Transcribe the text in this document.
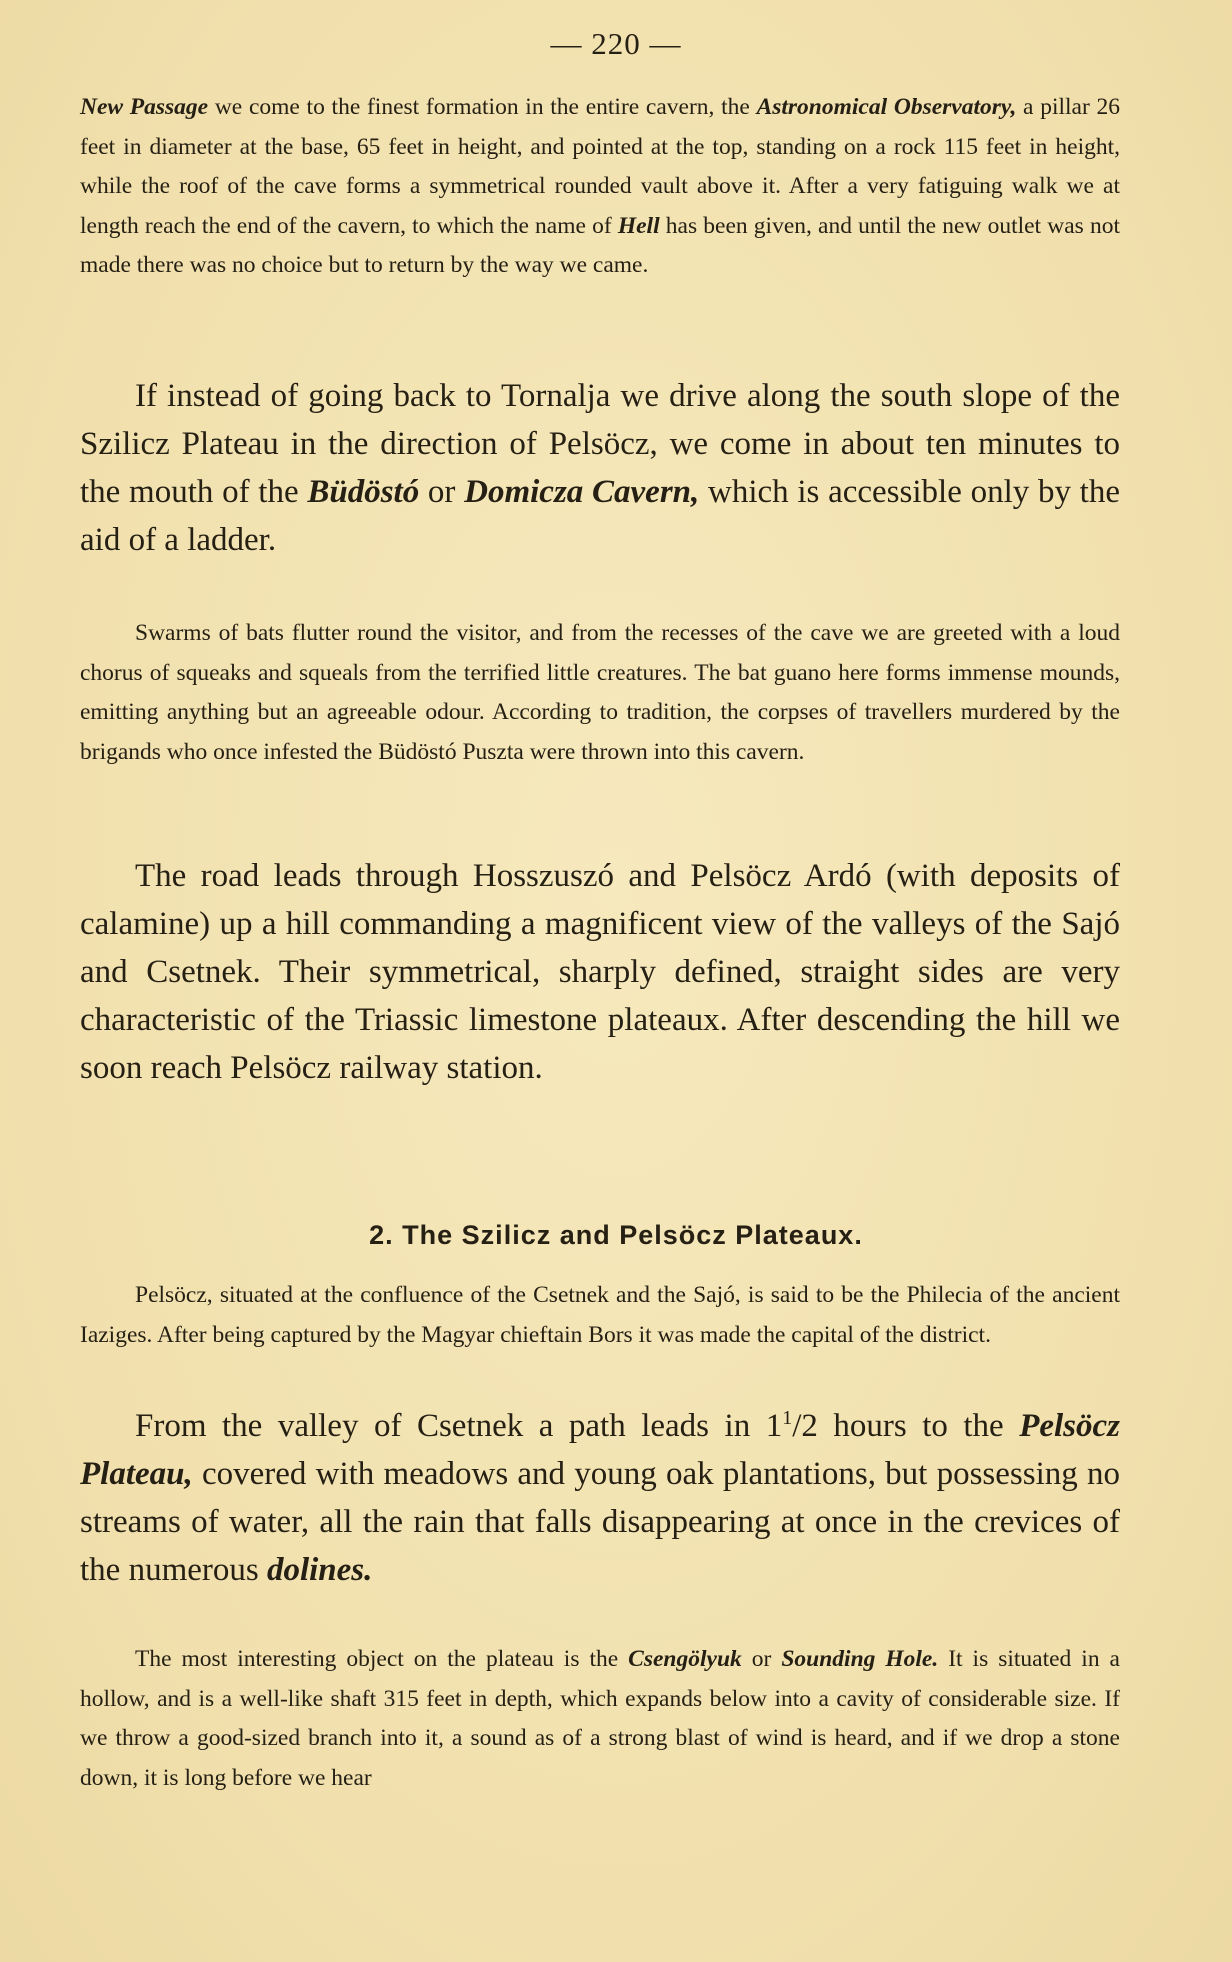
— 220 —

New Passage we come to the finest formation in the entire cavern, the Astronomical Observatory, a pillar 26 feet in diameter at the base, 65 feet in height, and pointed at the top, standing on a rock 115 feet in height, while the roof of the cave forms a symmetrical rounded vault above it. After a very fatiguing walk we at length reach the end of the cavern, to which the name of Hell has been given, and until the new outlet was not made there was no choice but to return by the way we came.

If instead of going back to Tornalja we drive along the south slope of the Szilicz Plateau in the direction of Pelsöcz, we come in about ten minutes to the mouth of the Büdöstó or Domicza Cavern, which is accessible only by the aid of a ladder.

Swarms of bats flutter round the visitor, and from the recesses of the cave we are greeted with a loud chorus of squeaks and squeals from the terrified little creatures. The bat guano here forms immense mounds, emitting anything but an agreeable odour. According to tradition, the corpses of travellers murdered by the brigands who once infested the Büdöstó Puszta were thrown into this cavern.

The road leads through Hosszuszó and Pelsöcz Ardó (with deposits of calamine) up a hill commanding a magnificent view of the valleys of the Sajó and Csetnek. Their symmetrical, sharply defined, straight sides are very characteristic of the Triassic limestone plateaux. After descending the hill we soon reach Pelsöcz railway station.

2. The Szilicz and Pelsöcz Plateaux.

Pelsöcz, situated at the confluence of the Csetnek and the Sajó, is said to be the Philecia of the ancient Iaziges. After being captured by the Magyar chieftain Bors it was made the capital of the district.

From the valley of Csetnek a path leads in $1^1/2$ hours to the Pelsöcz Plateau, covered with meadows and young oak plantations, but possessing no streams of water, all the rain that falls disappearing at once in the crevices of the numerous dolines.

The most interesting object on the plateau is the Csengölyuk or Sounding Hole. It is situated in a hollow, and is a well-like shaft 315 feet in depth, which expands below into a cavity of considerable size. If we throw a good-sized branch into it, a sound as of a strong blast of wind is heard, and if we drop a stone down, it is long before we hear
